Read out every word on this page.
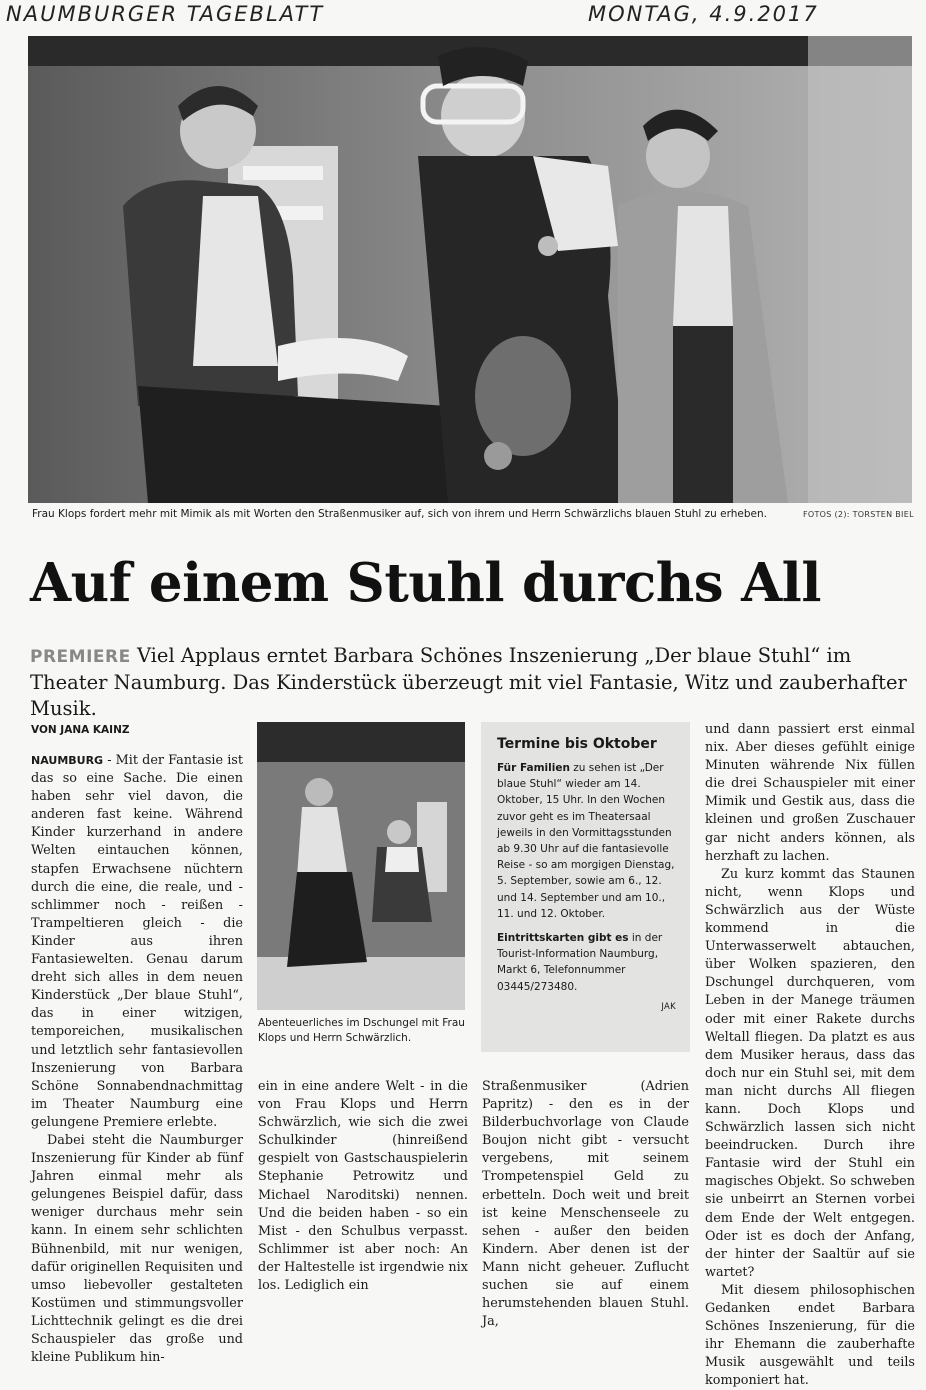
NAUMBURGER TAGEBLATT	MONTAG, 4.9.2017
Frau Klops fordert mehr mit Mimik als mit Worten den Straßenmusiker auf, sich von ihrem und Herrn Schwärzlichs blauen Stuhl zu erheben.	FOTOS (2): TORSTEN BIEL
Auf einem Stuhl durchs All
PREMIERE Viel Applaus erntet Barbara Schönes Inszenierung „Der blaue Stuhl“ im Theater Naumburg. Das Kinderstück überzeugt mit viel Fantasie, Witz und zauberhafter Musik.
VON JANA KAINZ

NAUMBURG - Mit der Fantasie ist das so eine Sache. Die einen haben sehr viel davon, die anderen fast keine. Während Kinder kurzerhand in andere Welten eintauchen können, stapfen Erwachsene nüchtern durch die eine, die reale, und - schlimmer noch - reißen - Trampeltieren gleich - die Kinder aus ihren Fantasiewelten. Genau darum dreht sich alles in dem neuen Kinderstück „Der blaue Stuhl“, das in einer witzigen, temporeichen, musikalischen und letztlich sehr fantasievollen Inszenierung von Barbara Schöne Sonnabendnachmittag im Theater Naumburg eine gelungene Premiere erlebte.

Dabei steht die Naumburger Inszenierung für Kinder ab fünf Jahren einmal mehr als gelungenes Beispiel dafür, dass weniger durchaus mehr sein kann. In einem sehr schlichten Bühnenbild, mit nur wenigen, dafür originellen Requisiten und umso liebevoller gestalteten Kostümen und stimmungsvoller Lichttechnik gelingt es die drei Schauspieler das große und kleine Publikum hin-

Abenteuerliches im Dschungel mit Frau Klops und Herrn Schwärzlich.
Termine bis Oktober
Für Familien zu sehen ist „Der blaue Stuhl“ wieder am 14. Oktober, 15 Uhr. In den Wochen zuvor geht es im Theatersaal jeweils in den Vormittagsstunden ab 9.30 Uhr auf die fantasievolle Reise - so am morgigen Dienstag, 5. September, sowie am 6., 12. und 14. September und am 10., 11. und 12. Oktober.
Eintrittskarten gibt es in der Tourist-Information Naumburg, Markt 6, Telefonnummer 03445/273480.
JAK

ein in eine andere Welt - in die von Frau Klops und Herrn Schwärzlich, wie sich die zwei Schulkinder (hinreißend gespielt von Gastschauspielerin Stephanie Petrowitz und Michael Naroditski) nennen. Und die beiden haben - so ein Mist - den Schulbus verpasst. Schlimmer ist aber noch: An der Haltestelle ist irgendwie nix los. Lediglich ein

Straßenmusiker (Adrien Papritz) - den es in der Bilderbuchvorlage von Claude Boujon nicht gibt - versucht vergebens, mit seinem Trompetenspiel Geld zu erbetteln. Doch weit und breit ist keine Menschenseele zu sehen - außer den beiden Kindern. Aber denen ist der Mann nicht geheuer. Zuflucht suchen sie auf einem herumstehenden blauen Stuhl. Ja,

und dann passiert erst einmal nix. Aber dieses gefühlt einige Minuten währende Nix füllen die drei Schauspieler mit einer Mimik und Gestik aus, dass die kleinen und großen Zuschauer gar nicht anders können, als herzhaft zu lachen.

Zu kurz kommt das Staunen nicht, wenn Klops und Schwärzlich aus der Wüste kommend in die Unterwasserwelt abtauchen, über Wolken spazieren, den Dschungel durchqueren, vom Leben in der Manege träumen oder mit einer Rakete durchs Weltall fliegen. Da platzt es aus dem Musiker heraus, dass das doch nur ein Stuhl sei, mit dem man nicht durchs All fliegen kann. Doch Klops und Schwärzlich lassen sich nicht beeindrucken. Durch ihre Fantasie wird der Stuhl ein magisches Objekt. So schweben sie unbeirrt an Sternen vorbei dem Ende der Welt entgegen. Oder ist es doch der Anfang, der hinter der Saaltür auf sie wartet?

Mit diesem philosophischen Gedanken endet Barbara Schönes Inszenierung, für die ihr Ehemann die zauberhafte Musik ausgewählt und teils komponiert hat.
